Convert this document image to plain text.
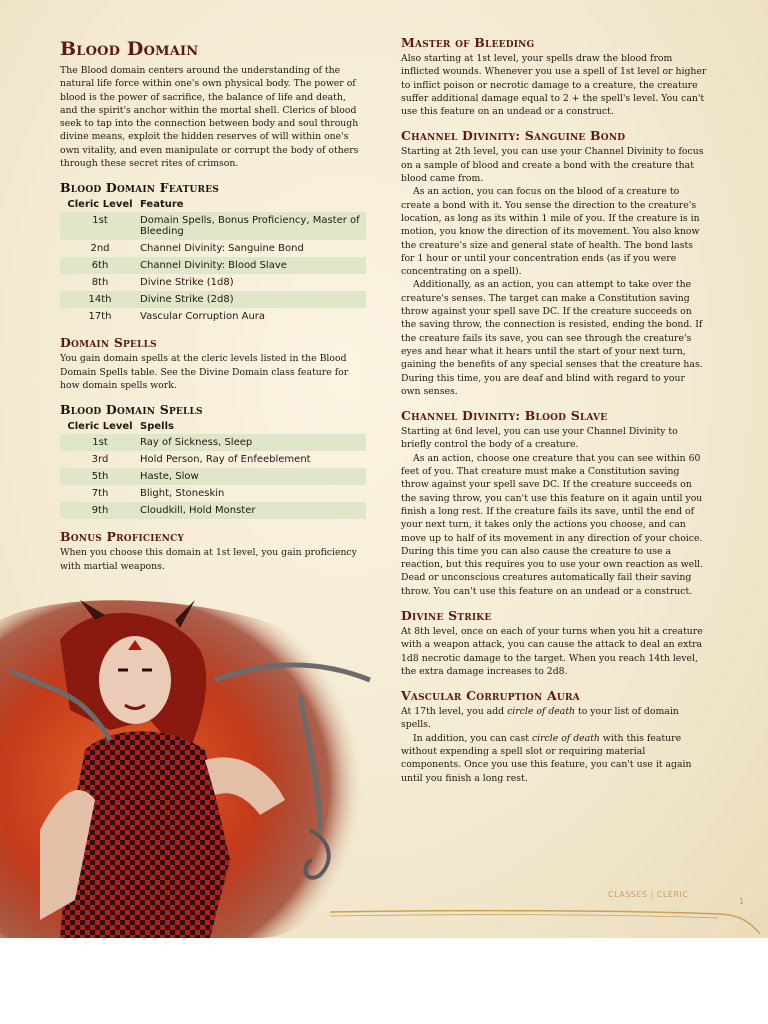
Blood Domain

The Blood domain centers around the understanding of the natural life force within one's own physical body. The power of blood is the power of sacrifice, the balance of life and death, and the spirit's anchor within the mortal shell. Clerics of blood seek to tap into the connection between body and soul through divine means, exploit the hidden reserves of will within one's own vitality, and even manipulate or corrupt the body of others through these secret rites of crimson.

Blood Domain Features
Cleric Level	Feature
1st	Domain Spells, Bonus Proficiency, Master of Bleeding
2nd	Channel Divinity: Sanguine Bond
6th	Channel Divinity: Blood Slave
8th	Divine Strike (1d8)
14th	Divine Strike (2d8)
17th	Vascular Corruption Aura
Domain Spells

You gain domain spells at the cleric levels listed in the Blood Domain Spells table. See the Divine Domain class feature for how domain spells work.

Blood Domain Spells
Cleric Level	Spells
1st	Ray of Sickness, Sleep
3rd	Hold Person, Ray of Enfeeblement
5th	Haste, Slow
7th	Blight, Stoneskin
9th	Cloudkill, Hold Monster
Bonus Proficiency

When you choose this domain at 1st level, you gain proficiency with martial weapons.

Master of Bleeding

Also starting at 1st level, your spells draw the blood from inflicted wounds. Whenever you use a spell of 1st level or higher to inflict poison or necrotic damage to a creature, the creature suffer additional damage equal to 2 + the spell's level. You can't use this feature on an undead or a construct.

Channel Divinity: Sanguine Bond

Starting at 2th level, you can use your Channel Divinity to focus on a sample of blood and create a bond with the creature that blood came from.

As an action, you can focus on the blood of a creature to create a bond with it. You sense the direction to the creature's location, as long as its within 1 mile of you. If the creature is in motion, you know the direction of its movement. You also know the creature's size and general state of health. The bond lasts for 1 hour or until your concentration ends (as if you were concentrating on a spell).

Additionally, as an action, you can attempt to take over the creature's senses. The target can make a Constitution saving throw against your spell save DC. If the creature succeeds on the saving throw, the connection is resisted, ending the bond. If the creature fails its save, you can see through the creature's eyes and hear what it hears until the start of your next turn, gaining the benefits of any special senses that the creature has. During this time, you are deaf and blind with regard to your own senses.

Channel Divinity: Blood Slave

Starting at 6nd level, you can use your Channel Divinity to briefly control the body of a creature.

As an action, choose one creature that you can see within 60 feet of you. That creature must make a Constitution saving throw against your spell save DC. If the creature succeeds on the saving throw, you can't use this feature on it again until you finish a long rest. If the creature fails its save, until the end of your next turn, it takes only the actions you choose, and can move up to half of its movement in any direction of your choice. During this time you can also cause the creature to use a reaction, but this requires you to use your own reaction as well. Dead or unconscious creatures automatically fail their saving throw. You can't use this feature on an undead or a construct.

Divine Strike

At 8th level, once on each of your turns when you hit a creature with a weapon attack, you can cause the attack to deal an extra 1d8 necrotic damage to the target. When you reach 14th level, the extra damage increases to 2d8.

Vascular Corruption Aura

At 17th level, you add circle of death to your list of domain spells.

In addition, you can cast circle of death with this feature without expending a spell slot or requiring material components. Once you use this feature, you can't use it again until you finish a long rest.

CLASSES | CLERIC
1
